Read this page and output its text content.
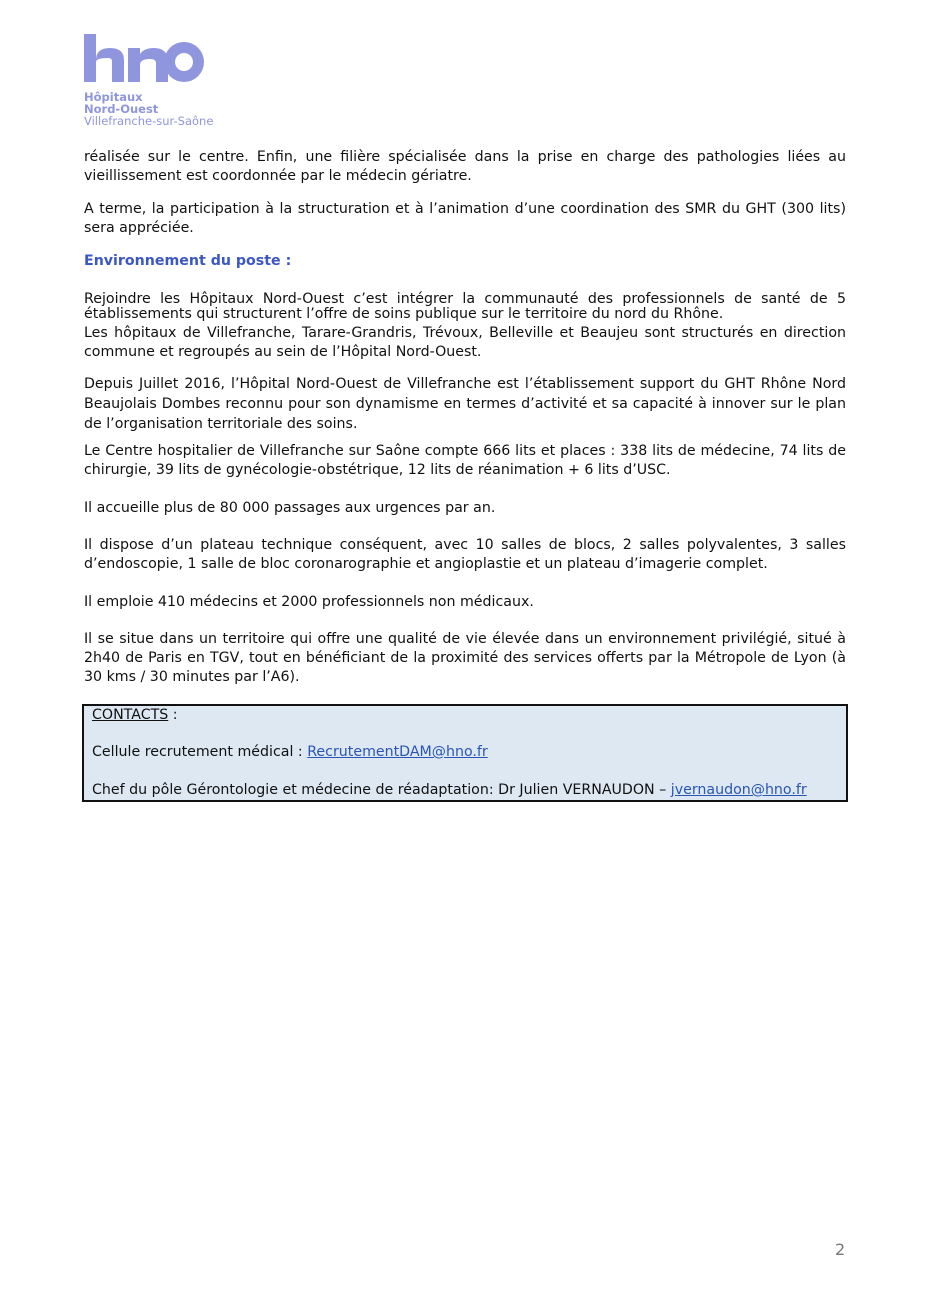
Hôpitaux
Nord-Ouest
Villefranche-sur-Saône

réalisée sur le centre. Enfin, une filière spécialisée dans la prise en charge des pathologies liées au vieillissement est coordonnée par le médecin gériatre.

A terme, la participation à la structuration et à l’animation d’une coordination des SMR du GHT (300 lits) sera appréciée.

Environnement du poste :

Rejoindre les Hôpitaux Nord-Ouest c’est intégrer la communauté des professionnels de santé de 5 établissements qui structurent l’offre de soins publique sur le territoire du nord du Rhône.

Les hôpitaux de Villefranche, Tarare-Grandris, Trévoux, Belleville et Beaujeu sont structurés en direction commune et regroupés au sein de l’Hôpital Nord-Ouest.

Depuis Juillet 2016, l’Hôpital Nord-Ouest de Villefranche est l’établissement support du GHT Rhône Nord Beaujolais Dombes reconnu pour son dynamisme en termes d’activité et sa capacité à innover sur le plan de l’organisation territoriale des soins.

Le Centre hospitalier de Villefranche sur Saône compte 666 lits et places : 338 lits de médecine, 74 lits de chirurgie, 39 lits de gynécologie-obstétrique, 12 lits de réanimation + 6 lits d’USC.

Il accueille plus de 80 000 passages aux urgences par an.

Il dispose d’un plateau technique conséquent, avec 10 salles de blocs, 2 salles polyvalentes, 3 salles d’endoscopie, 1 salle de bloc coronarographie et angioplastie et un plateau d’imagerie complet.

Il emploie 410 médecins et 2000 professionnels non médicaux.

Il se situe dans un territoire qui offre une qualité de vie élevée dans un environnement privilégié, situé à 2h40 de Paris en TGV, tout en bénéficiant de la proximité des services offerts par la Métropole de Lyon (à 30 kms / 30 minutes par l’A6).

CONTACTS :
Cellule recrutement médical : RecrutementDAM@hno.fr
Chef du pôle Gérontologie et médecine de réadaptation: Dr Julien VERNAUDON – jvernaudon@hno.fr
2
